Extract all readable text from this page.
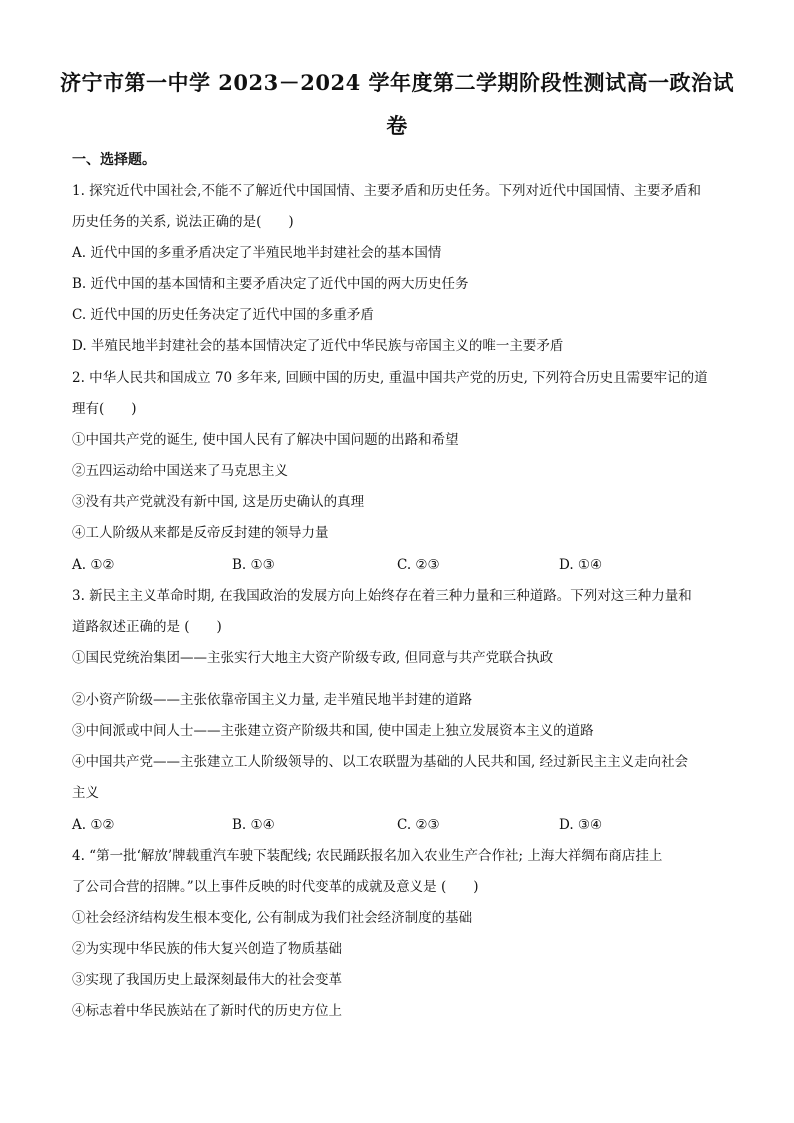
济宁市第一中学 2023－2024 学年度第二学期阶段性测试高一政治试
卷
一、选择题。
1. 探究近代中国社会,不能不了解近代中国国情、主要矛盾和历史任务。下列对近代中国国情、主要矛盾和
历史任务的关系, 说法正确的是(　　)
A. 近代中国的多重矛盾决定了半殖民地半封建社会的基本国情
B. 近代中国的基本国情和主要矛盾决定了近代中国的两大历史任务
C. 近代中国的历史任务决定了近代中国的多重矛盾
D. 半殖民地半封建社会的基本国情决定了近代中华民族与帝国主义的唯一主要矛盾
2. 中华人民共和国成立 70 多年来, 回顾中国的历史, 重温中国共产党的历史, 下列符合历史且需要牢记的道
理有(　　)
①中国共产党的诞生, 使中国人民有了解决中国问题的出路和希望
②五四运动给中国送来了马克思主义
③没有共产党就没有新中国, 这是历史确认的真理
④工人阶级从来都是反帝反封建的领导力量
A. ①②	B. ①③	C. ②③	D. ①④
3. 新民主主义革命时期, 在我国政治的发展方向上始终存在着三种力量和三种道路。下列对这三种力量和
道路叙述正确的是 (　　)
①国民党统治集团——主张实行大地主大资产阶级专政, 但同意与共产党联合执政
②小资产阶级——主张依靠帝国主义力量, 走半殖民地半封建的道路
③中间派或中间人士——主张建立资产阶级共和国, 使中国走上独立发展资本主义的道路
④中国共产党——主张建立工人阶级领导的、以工农联盟为基础的人民共和国, 经过新民主主义走向社会
主义
A. ①②	B. ①④	C. ②③	D. ③④
4. “第一批‘解放’牌载重汽车驶下装配线; 农民踊跃报名加入农业生产合作社; 上海大祥绸布商店挂上
了公司合营的招牌。”以上事件反映的时代变革的成就及意义是 (　　)
①社会经济结构发生根本变化, 公有制成为我们社会经济制度的基础
②为实现中华民族的伟大复兴创造了物质基础
③实现了我国历史上最深刻最伟大的社会变革
④标志着中华民族站在了新时代的历史方位上
